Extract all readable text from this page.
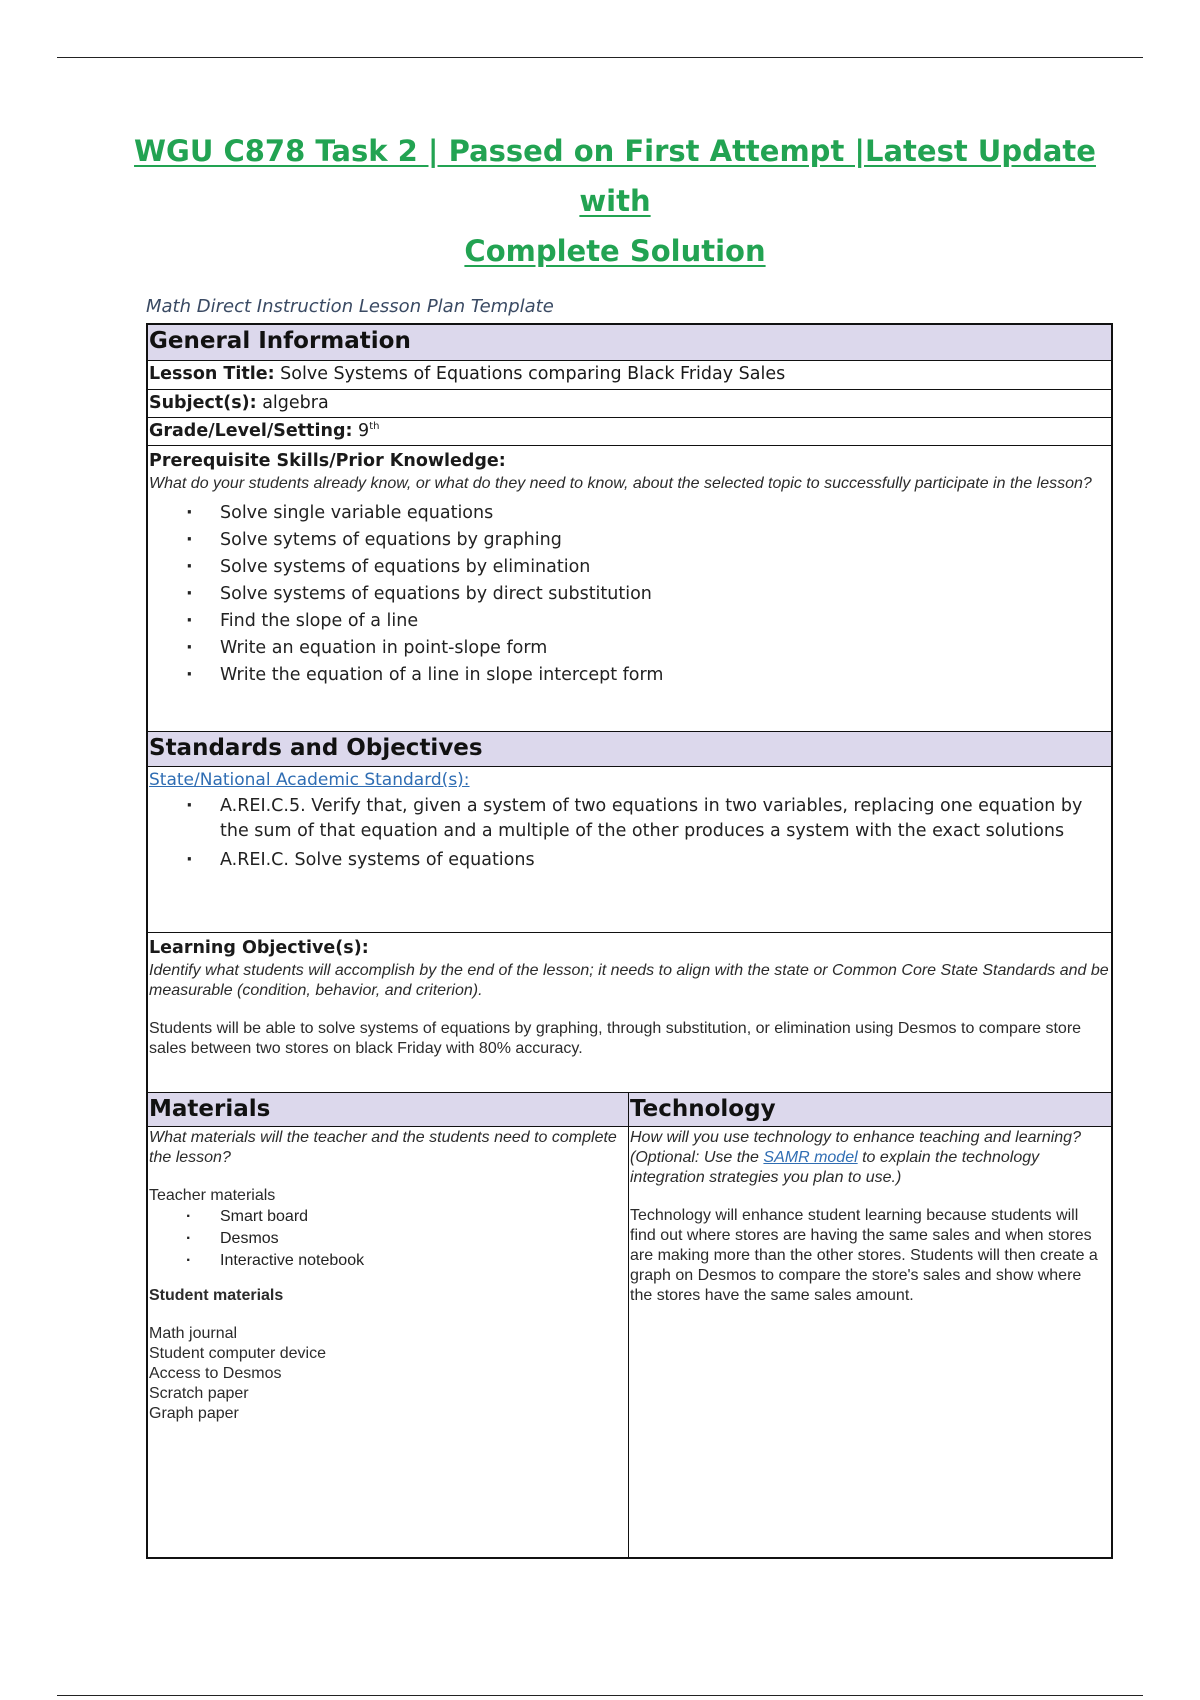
WGU C878 Task 2 | Passed on First Attempt |Latest Update with
Complete Solution
Math Direct Instruction Lesson Plan Template
General Information
Lesson Title: Solve Systems of Equations comparing Black Friday Sales
Subject(s): algebra
Grade/Level/Setting: 9th

Prerequisite Skills/Prior Knowledge:

What do your students already know, or what do they need to know, about the selected topic to successfully participate in the lesson?

· Solve single variable equations
· Solve sytems of equations by graphing
· Solve systems of equations by elimination
· Solve systems of equations by direct substitution
· Find the slope of a line
· Write an equation in point-slope form
· Write the equation of a line in slope intercept form
Standards and Objectives
State/National Academic Standard(s):
· A.REI.C.5. Verify that, given a system of two equations in two variables, replacing one equation by the sum of that equation and a multiple of the other produces a system with the exact solutions
· A.REI.C. Solve systems of equations

Learning Objective(s):

Identify what students will accomplish by the end of the lesson; it needs to align with the state or Common Core State Standards and be measurable (condition, behavior, and criterion).

Students will be able to solve systems of equations by graphing, through substitution, or elimination using Desmos to compare store sales between two stores on black Friday with 80% accuracy.

Materials

What materials will the teacher and the students need to complete the lesson?

Teacher materials

· Smart board
· Desmos
· Interactive notebook

Student materials

Math journal

Student computer device

Access to Desmos

Scratch paper

Graph paper

Technology

How will you use technology to enhance teaching and learning? (Optional: Use the SAMR model to explain the technology integration strategies you plan to use.)

Technology will enhance student learning because students will find out where stores are having the same sales and when stores are making more than the other stores. Students will then create a graph on Desmos to compare the store's sales and show where the stores have the same sales amount.
